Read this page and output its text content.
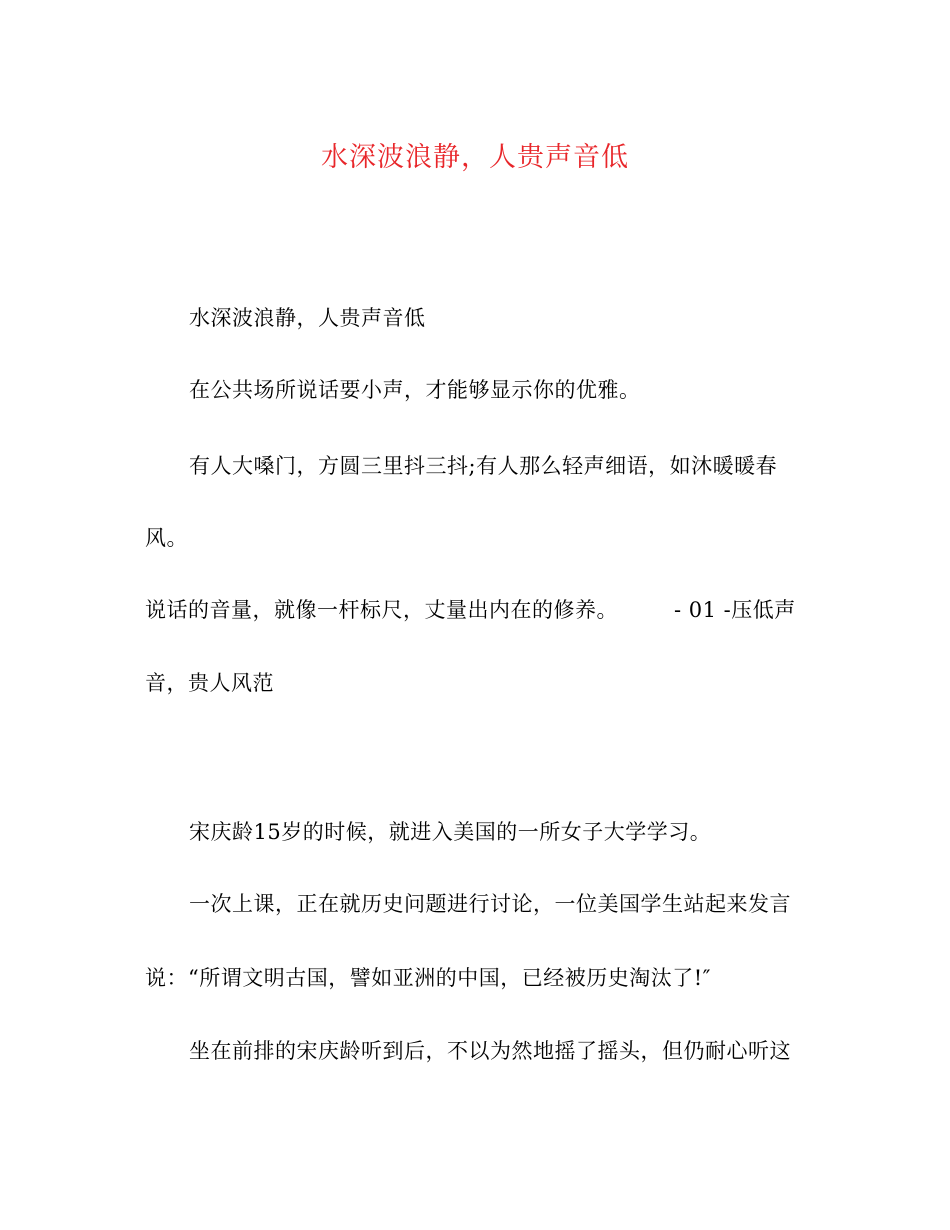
水深波浪静，人贵声音低
水深波浪静，人贵声音低
在公共场所说话要小声，才能够显示你的优雅。
有人大嗓门，方圆三里抖三抖;有人那么轻声细语，如沐暖暖春
风。
说话的音量，就像一杆标尺，丈量出内在的修养。	- 01 -压低声
音，贵人风范
宋庆龄15岁的时候，就进入美国的一所女子大学学习。
一次上课，正在就历史问题进行讨论，一位美国学生站起来发言
说：“所谓文明古国，譬如亚洲的中国，已经被历史淘汰了!″
坐在前排的宋庆龄听到后，不以为然地摇了摇头，但仍耐心听这
